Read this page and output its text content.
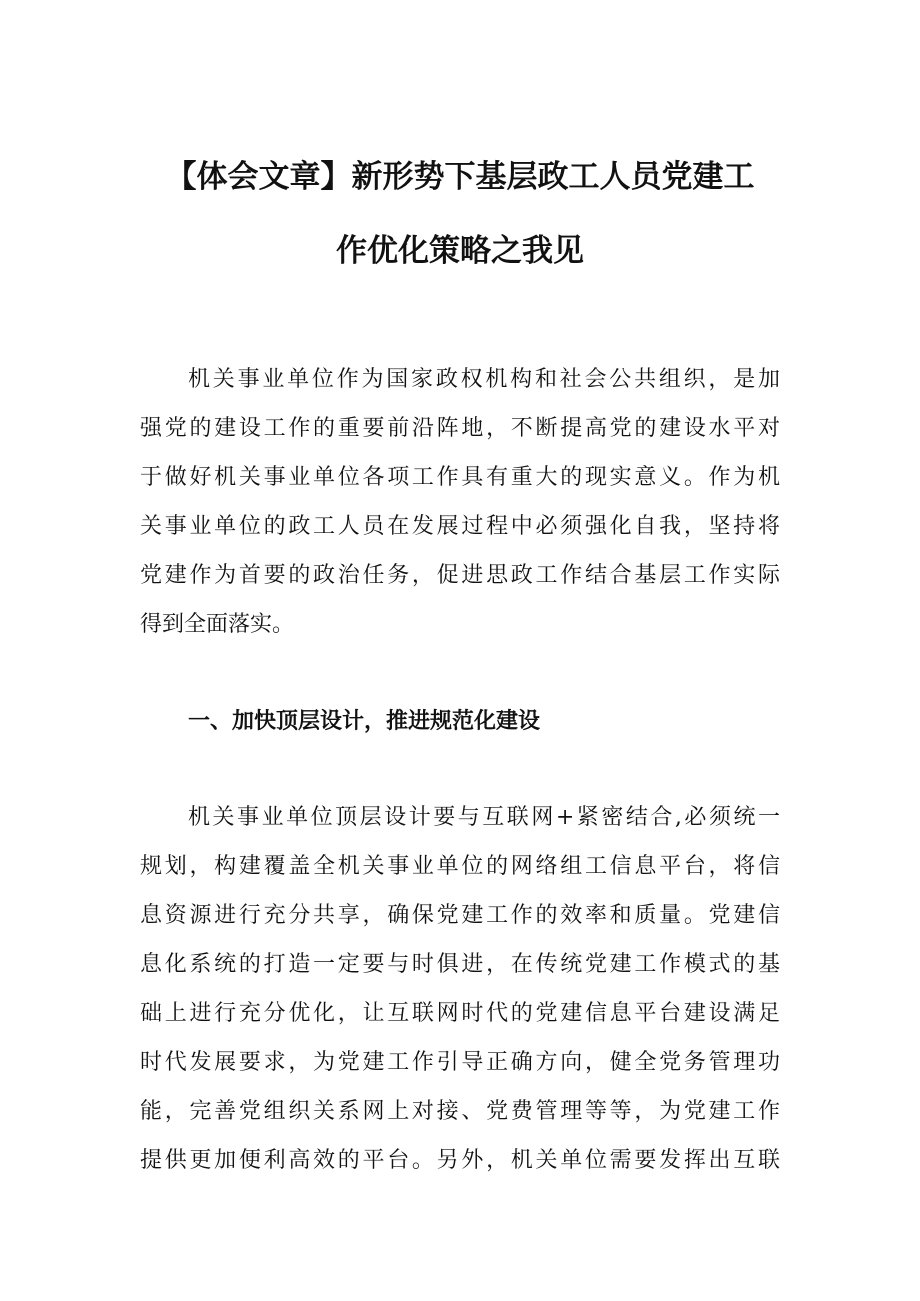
【体会文章】新形势下基层政工人员党建工
作优化策略之我见
机关事业单位作为国家政权机构和社会公共组织，是加
强党的建设工作的重要前沿阵地，不断提高党的建设水平对
于做好机关事业单位各项工作具有重大的现实意义。作为机
关事业单位的政工人员在发展过程中必须强化自我，坚持将
党建作为首要的政治任务，促进思政工作结合基层工作实际
得到全面落实。
一、加快顶层设计，推进规范化建设
机关事业单位顶层设计要与互联网+紧密结合,必须统一
规划，构建覆盖全机关事业单位的网络组工信息平台，将信
息资源进行充分共享，确保党建工作的效率和质量。党建信
息化系统的打造一定要与时俱进，在传统党建工作模式的基
础上进行充分优化，让互联网时代的党建信息平台建设满足
时代发展要求，为党建工作引导正确方向，健全党务管理功
能，完善党组织关系网上对接、党费管理等等，为党建工作
提供更加便利高效的平台。另外，机关单位需要发挥出互联
